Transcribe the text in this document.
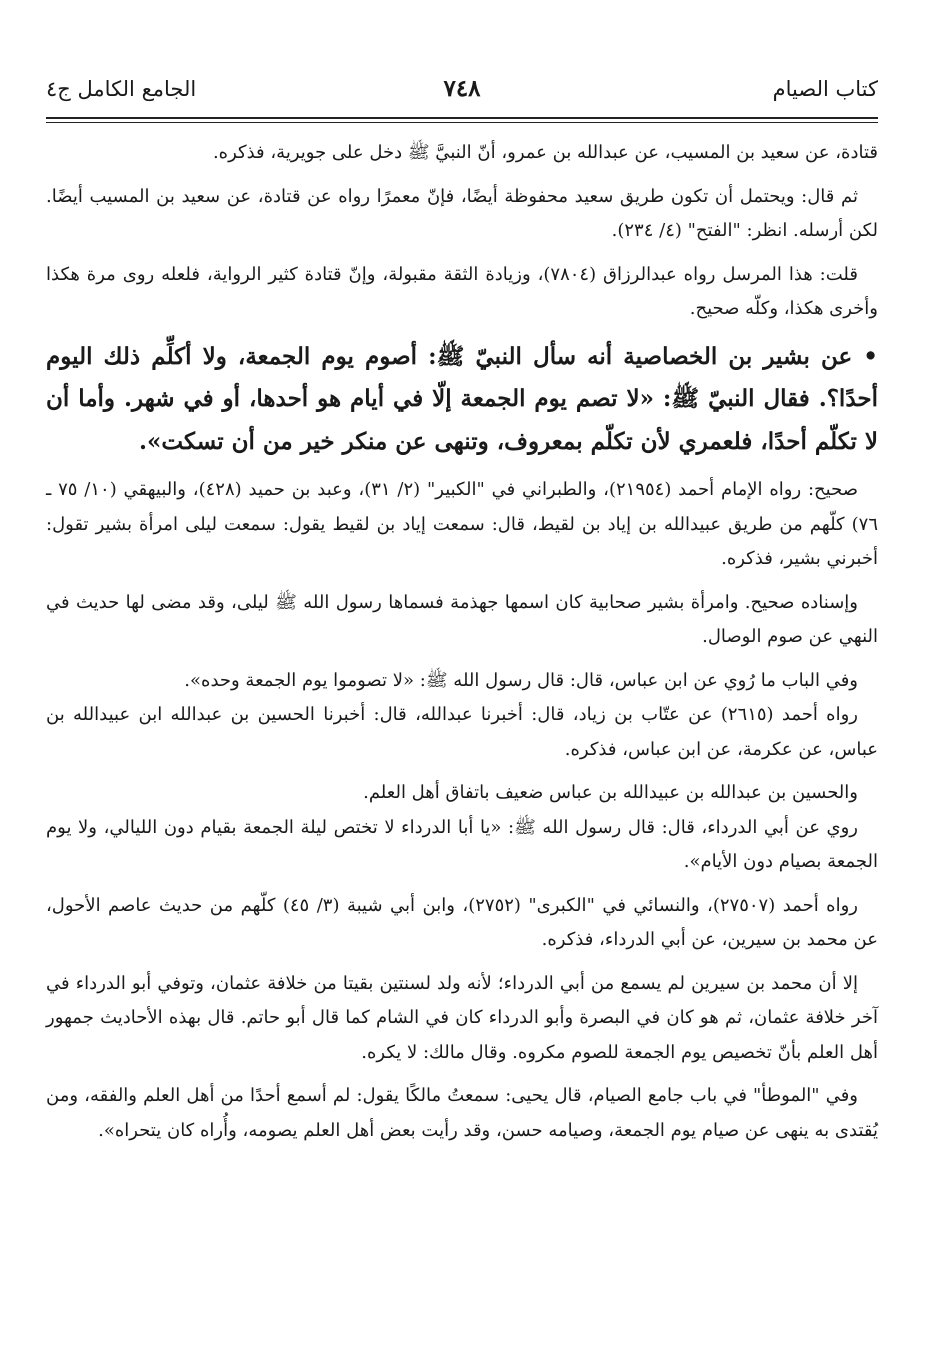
كتاب الصيام
٧٤٨
الجامع الكامل ج٤

قتادة، عن سعيد بن المسيب، عن عبدالله بن عمرو، أنّ النبيَّ ﷺ دخل على جويرية، فذكره.

ثم قال: ويحتمل أن تكون طريق سعيد محفوظة أيضًا، فإنّ معمرًا رواه عن قتادة، عن سعيد بن المسيب أيضًا. لكن أرسله. انظر: "الفتح" (٤/ ٢٣٤).

قلت: هذا المرسل رواه عبدالرزاق (٧٨٠٤)، وزيادة الثقة مقبولة، وإنّ قتادة كثير الرواية، فلعله روى مرة هكذا وأخرى هكذا، وكلّه صحيح.

• عن بشير بن الخصاصية أنه سأل النبيّ ﷺ: أصوم يوم الجمعة، ولا أكلِّم ذلك اليوم أحدًا؟. فقال النبيّ ﷺ: «لا تصم يوم الجمعة إلّا في أيام هو أحدها، أو في شهر. وأما أن لا تكلّم أحدًا، فلعمري لأن تكلّم بمعروف، وتنهى عن منكر خير من أن تسكت».

صحيح: رواه الإمام أحمد (٢١٩٥٤)، والطبراني في "الكبير" (٢/ ٣١)، وعبد بن حميد (٤٢٨)، والبيهقي (١٠/ ٧٥ ـ ٧٦) كلّهم من طريق عبيدالله بن إياد بن لقيط، قال: سمعت إياد بن لقيط يقول: سمعت ليلى امرأة بشير تقول: أخبرني بشير، فذكره.

وإسناده صحيح. وامرأة بشير صحابية كان اسمها جهذمة فسماها رسول الله ﷺ ليلى، وقد مضى لها حديث في النهي عن صوم الوصال.

وفي الباب ما رُوي عن ابن عباس، قال: قال رسول الله ﷺ: «لا تصوموا يوم الجمعة وحده».

رواه أحمد (٢٦١٥) عن عتّاب بن زياد، قال: أخبرنا عبدالله، قال: أخبرنا الحسين بن عبدالله ابن عبيدالله بن عباس، عن عكرمة، عن ابن عباس، فذكره.

والحسين بن عبدالله بن عبيدالله بن عباس ضعيف باتفاق أهل العلم.

روي عن أبي الدرداء، قال: قال رسول الله ﷺ: «يا أبا الدرداء لا تختص ليلة الجمعة بقيام دون الليالي، ولا يوم الجمعة بصيام دون الأيام».

رواه أحمد (٢٧٥٠٧)، والنسائي في "الكبرى" (٢٧٥٢)، وابن أبي شيبة (٣/ ٤٥) كلّهم من حديث عاصم الأحول، عن محمد بن سيرين، عن أبي الدرداء، فذكره.

إلا أن محمد بن سيرين لم يسمع من أبي الدرداء؛ لأنه ولد لسنتين بقيتا من خلافة عثمان، وتوفي أبو الدرداء في آخر خلافة عثمان، ثم هو كان في البصرة وأبو الدرداء كان في الشام كما قال أبو حاتم. قال بهذه الأحاديث جمهور أهل العلم بأنّ تخصيص يوم الجمعة للصوم مكروه. وقال مالك: لا يكره.

وفي "الموطأ" في باب جامع الصيام، قال يحيى: سمعتُ مالكًا يقول: لم أسمع أحدًا من أهل العلم والفقه، ومن يُقتدى به ينهى عن صيام يوم الجمعة، وصيامه حسن، وقد رأيت بعض أهل العلم يصومه، وأُراه كان يتحراه».
